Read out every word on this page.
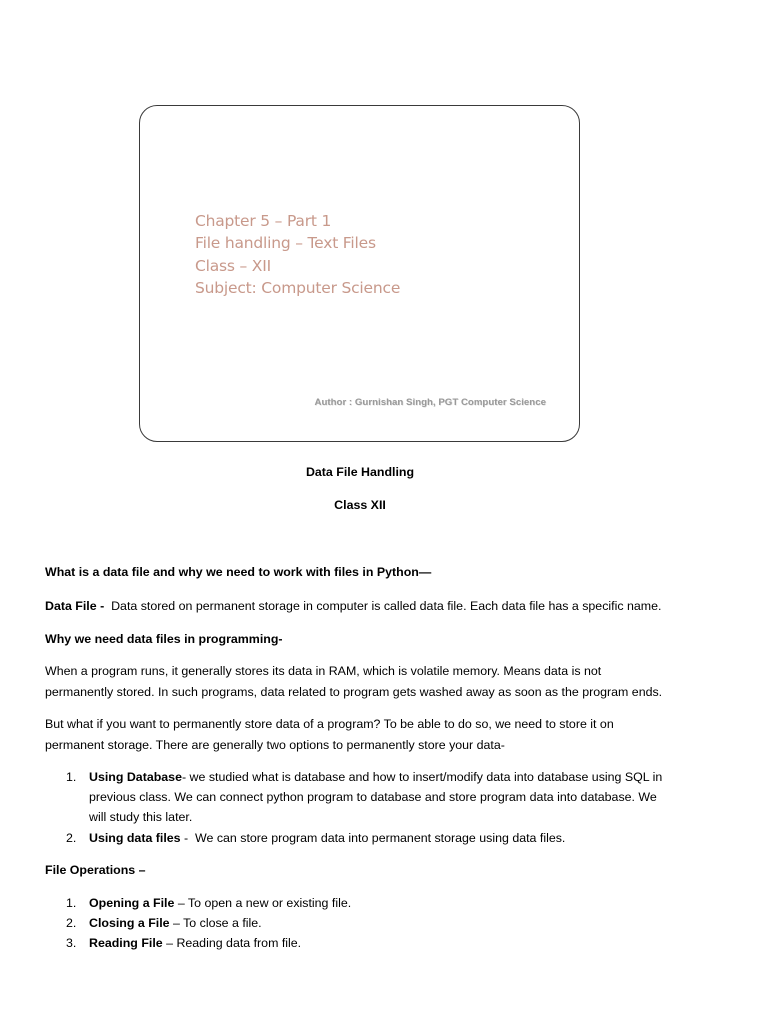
Chapter 5 – Part 1
File handling – Text Files
Class – XII
Subject: Computer Science
Author : Gurnishan Singh, PGT Computer Science
Data File Handling
Class XII
What is a data file and why we need to work with files in Python—
Data File - Data stored on permanent storage in computer is called data file. Each data file has a specific name.
Why we need data files in programming-
When a program runs, it generally stores its data in RAM, which is volatile memory. Means data is not
permanently stored. In such programs, data related to program gets washed away as soon as the program ends.
But what if you want to permanently store data of a program? To be able to do so, we need to store it on
permanent storage. There are generally two options to permanently store your data-
1. Using Database- we studied what is database and how to insert/modify data into database using SQL in
previous class. We can connect python program to database and store program data into database. We
will study this later.
2. Using data files -  We can store program data into permanent storage using data files.
File Operations –
1. Opening a File – To open a new or existing file.
2. Closing a File – To close a file.
3. Reading File – Reading data from file.
